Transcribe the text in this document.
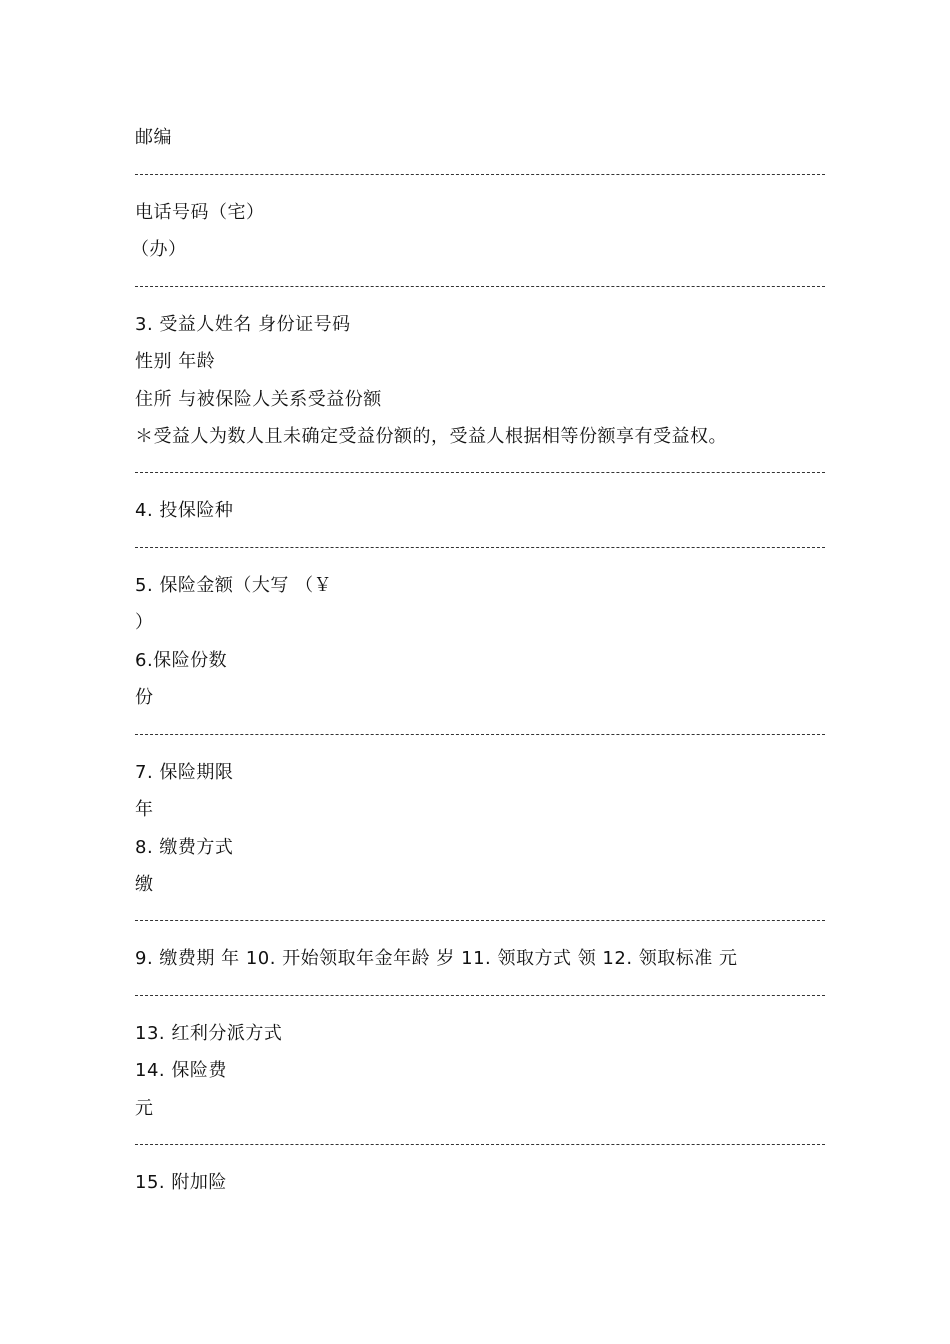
邮编
电话号码（宅）
（办）
3. 受益人姓名 身份证号码
性别 年龄
住所 与被保险人关系受益份额
＊受益人为数人且未确定受益份额的，受益人根据相等份额享有受益权。
4. 投保险种
5. 保险金额（大写 （￥
）
6.保险份数
份
7. 保险期限
年
8. 缴费方式
缴
9. 缴费期 年 10. 开始领取年金年龄 岁 11. 领取方式 领 12. 领取标准 元
13. 红利分派方式
14. 保险费
元
15. 附加险
